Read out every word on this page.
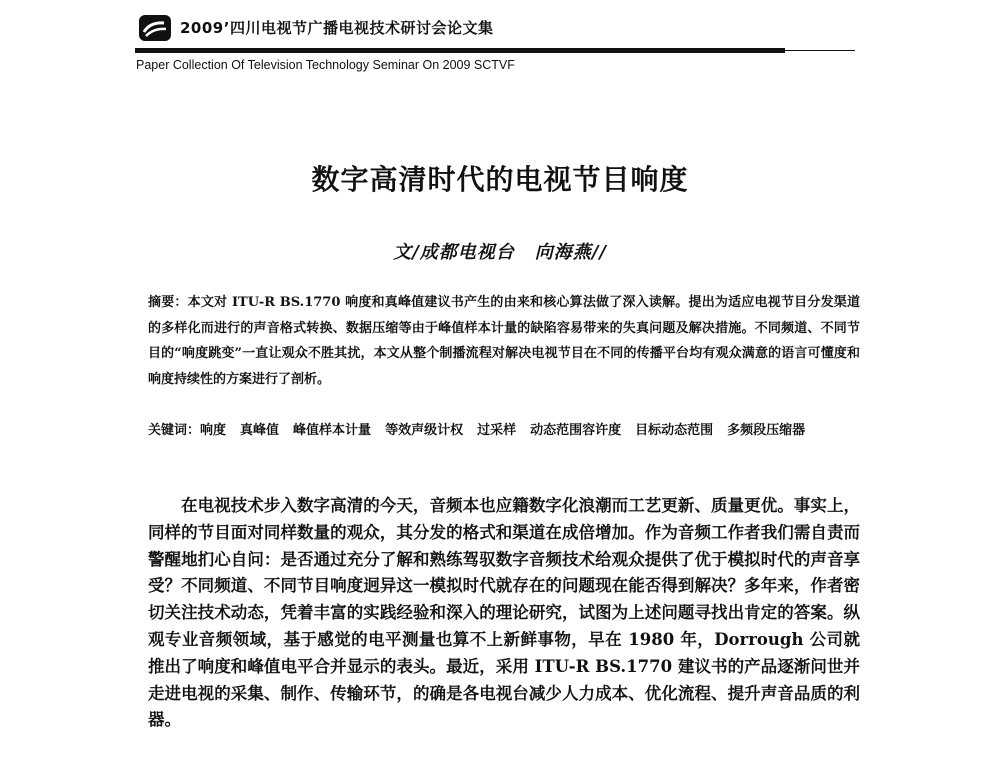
2009’四川电视节广播电视技术研讨会论文集
Paper Collection Of Television Technology Seminar On 2009 SCTVF
数字高清时代的电视节目响度
文/成都电视台 向海燕//
摘要：本文对 ITU-R BS.1770 响度和真峰值建议书产生的由来和核心算法做了深入读解。提出为适应电视节目分发渠道的多样化而进行的声音格式转换、数据压缩等由于峰值样本计量的缺陷容易带来的失真问题及解决措施。不同频道、不同节目的“响度跳变”一直让观众不胜其扰，本文从整个制播流程对解决电视节目在不同的传播平台均有观众满意的语言可懂度和响度持续性的方案进行了剖析。
关键词：响度 真峰值 峰值样本计量 等效声级计权 过采样 动态范围容许度 目标动态范围 多频段压缩器
在电视技术步入数字高清的今天，音频本也应籍数字化浪潮而工艺更新、质量更优。事实上，同样的节目面对同样数量的观众，其分发的格式和渠道在成倍增加。作为音频工作者我们需自责而警醒地扪心自问：是否通过充分了解和熟练驾驭数字音频技术给观众提供了优于模拟时代的声音享受？不同频道、不同节目响度迥异这一模拟时代就存在的问题现在能否得到解决？多年来，作者密切关注技术动态，凭着丰富的实践经验和深入的理论研究，试图为上述问题寻找出肯定的答案。纵观专业音频领域，基于感觉的电平测量也算不上新鲜事物，早在 1980 年，Dorrough 公司就推出了响度和峰值电平合并显示的表头。最近，采用 ITU-R BS.1770 建议书的产品逐渐问世并走进电视的采集、制作、传输环节，的确是各电视台减少人力成本、优化流程、提升声音品质的利器。
